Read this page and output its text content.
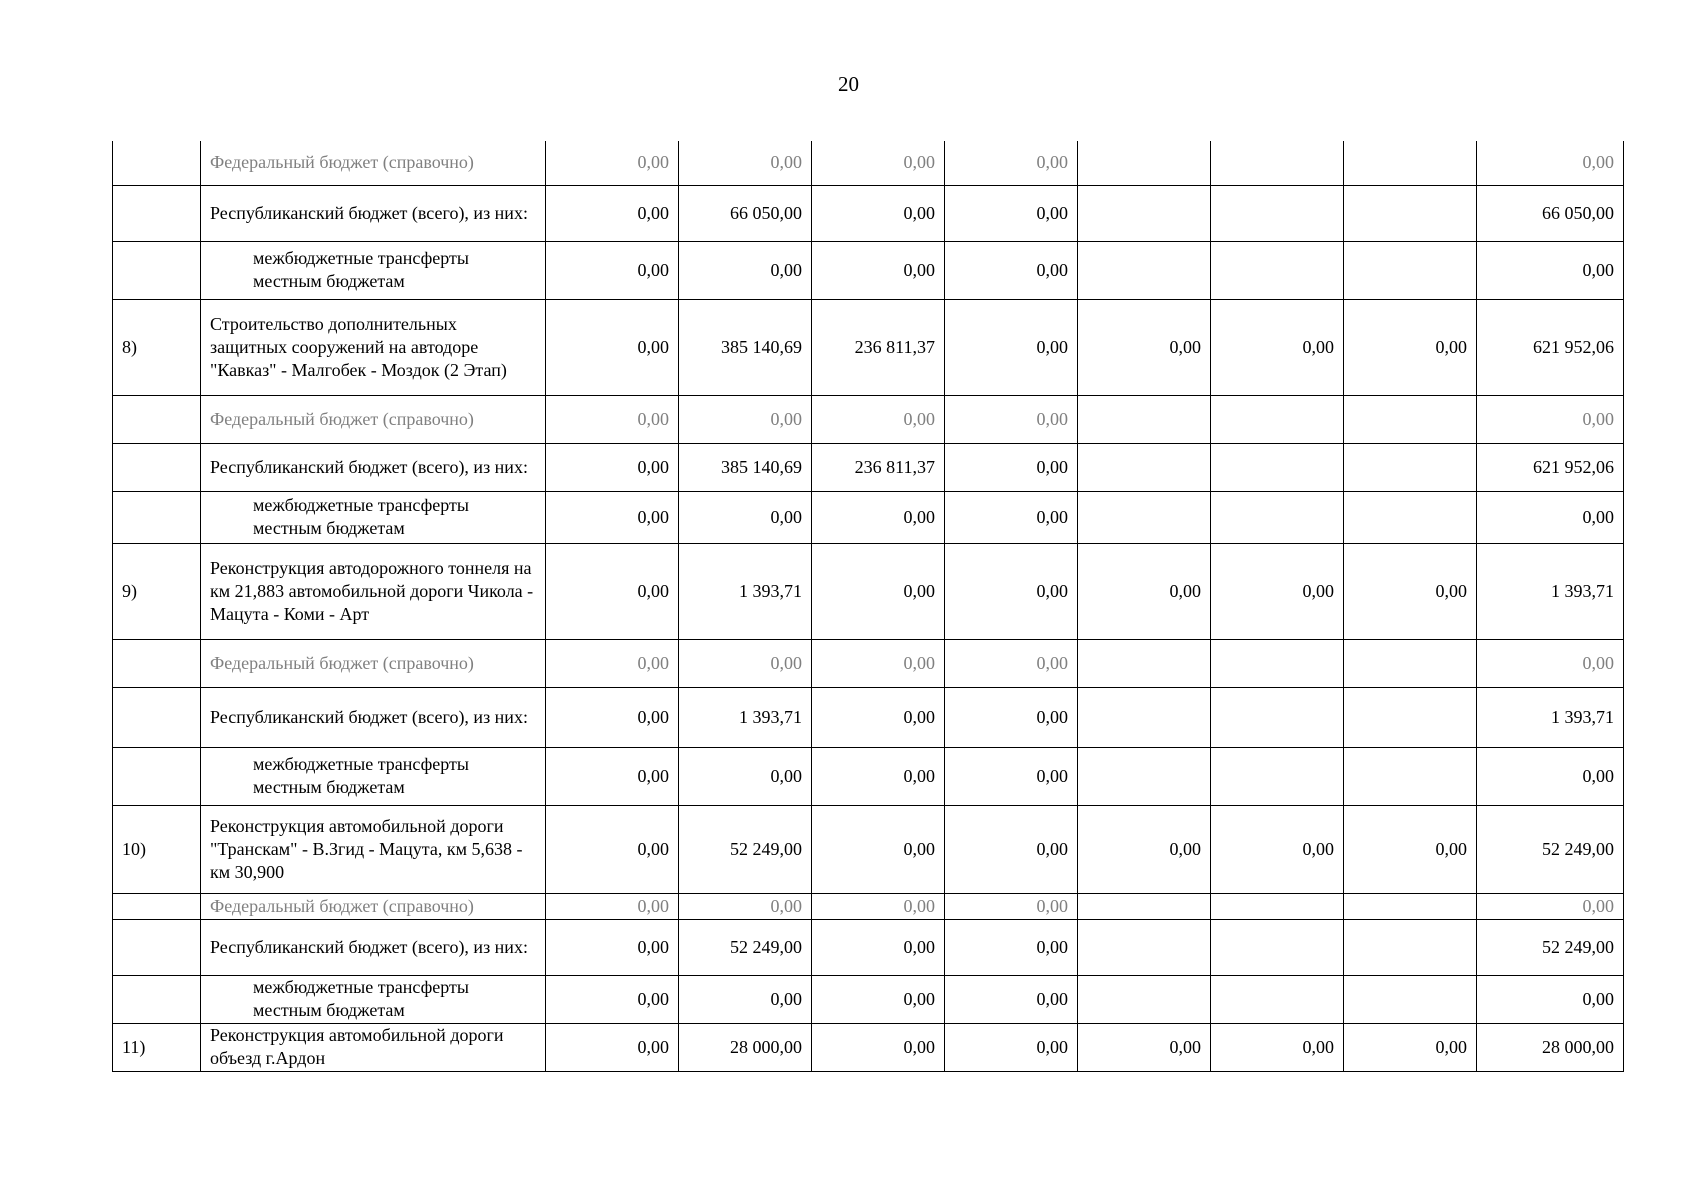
20
	Федеральный бюджет (справочно)	0,00	0,00	0,00	0,00				0,00
	Республиканский бюджет (всего), из них:	0,00	66 050,00	0,00	0,00				66 050,00
	межбюджетные трансферты местным бюджетам	0,00	0,00	0,00	0,00				0,00
8)	Строительство дополнительных защитных сооружений на автодоре "Кавказ" - Малгобек - Моздок (2 Этап)	0,00	385 140,69	236 811,37	0,00	0,00	0,00	0,00	621 952,06
	Федеральный бюджет (справочно)	0,00	0,00	0,00	0,00				0,00
	Республиканский бюджет (всего), из них:	0,00	385 140,69	236 811,37	0,00				621 952,06
	межбюджетные трансферты местным бюджетам	0,00	0,00	0,00	0,00				0,00
9)	Реконструкция автодорожного тоннеля на км 21,883 автомобильной дороги Чикола - Мацута - Коми - Арт	0,00	1 393,71	0,00	0,00	0,00	0,00	0,00	1 393,71
	Федеральный бюджет (справочно)	0,00	0,00	0,00	0,00				0,00
	Республиканский бюджет (всего), из них:	0,00	1 393,71	0,00	0,00				1 393,71
	межбюджетные трансферты местным бюджетам	0,00	0,00	0,00	0,00				0,00
10)	Реконструкция автомобильной дороги "Транскам" - В.Згид - Мацута, км 5,638 - км 30,900	0,00	52 249,00	0,00	0,00	0,00	0,00	0,00	52 249,00
	Федеральный бюджет (справочно)	0,00	0,00	0,00	0,00				0,00
	Республиканский бюджет (всего), из них:	0,00	52 249,00	0,00	0,00				52 249,00
	межбюджетные трансферты местным бюджетам	0,00	0,00	0,00	0,00				0,00
11)	Реконструкция автомобильной дороги объезд г.Ардон	0,00	28 000,00	0,00	0,00	0,00	0,00	0,00	28 000,00
